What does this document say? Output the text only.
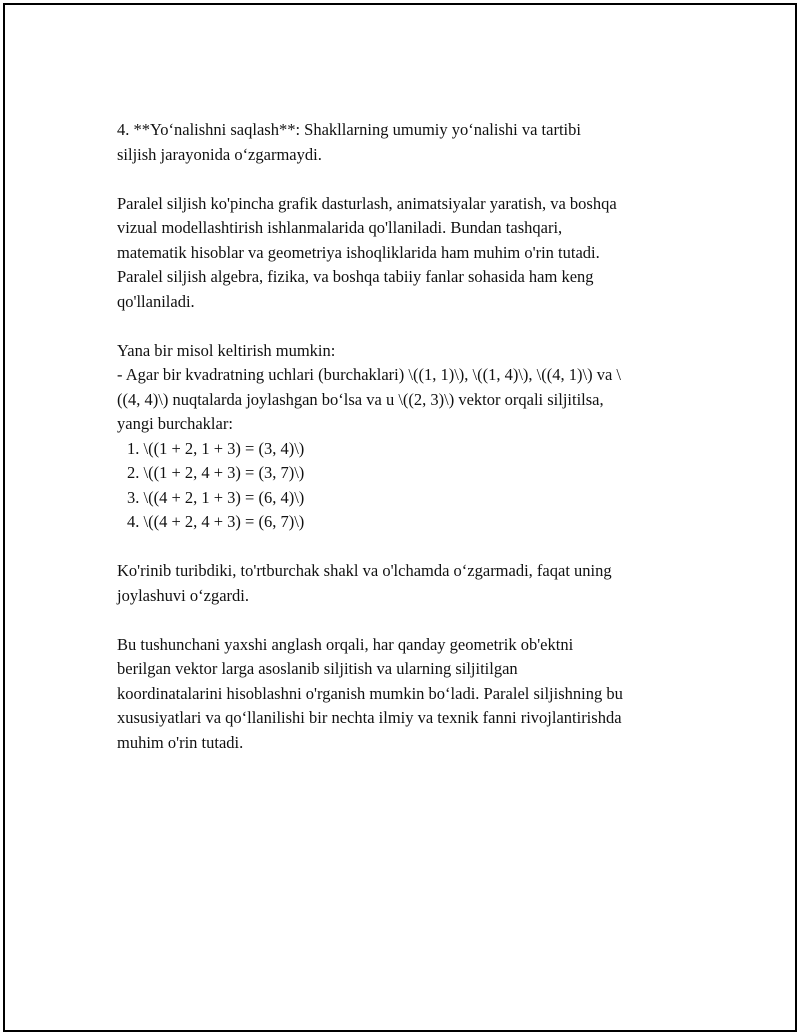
4. **Yo‘nalishni saqlash**: Shakllarning umumiy yo‘nalishi va tartibi

siljish jarayonida o‘zgarmaydi.

Paralel siljish ko'pincha grafik dasturlash, animatsiyalar yaratish, va boshqa

vizual modellashtirish ishlanmalarida qo'llaniladi. Bundan tashqari,

matematik hisoblar va geometriya ishoqliklarida ham muhim o'rin tutadi.

Paralel siljish algebra, fizika, va boshqa tabiiy fanlar sohasida ham keng

qo'llaniladi.

Yana bir misol keltirish mumkin:

- Agar bir kvadratning uchlari (burchaklari) \((1, 1)\), \((1, 4)\), \((4, 1)\) va \

((4, 4)\) nuqtalarda joylashgan bo‘lsa va u \((2, 3)\) vektor orqali siljitilsa,

yangi burchaklar:

1. \((1 + 2, 1 + 3) = (3, 4)\)

2. \((1 + 2, 4 + 3) = (3, 7)\)

3. \((4 + 2, 1 + 3) = (6, 4)\)

4. \((4 + 2, 4 + 3) = (6, 7)\)

Ko'rinib turibdiki, to'rtburchak shakl va o'lchamda o‘zgarmadi, faqat uning

joylashuvi o‘zgardi.

Bu tushunchani yaxshi anglash orqali, har qanday geometrik ob'ektni

berilgan vektor larga asoslanib siljitish va ularning siljitilgan

koordinatalarini hisoblashni o'rganish mumkin bo‘ladi. Paralel siljishning bu

xususiyatlari va qo‘llanilishi bir nechta ilmiy va texnik fanni rivojlantirishda

muhim o'rin tutadi.
